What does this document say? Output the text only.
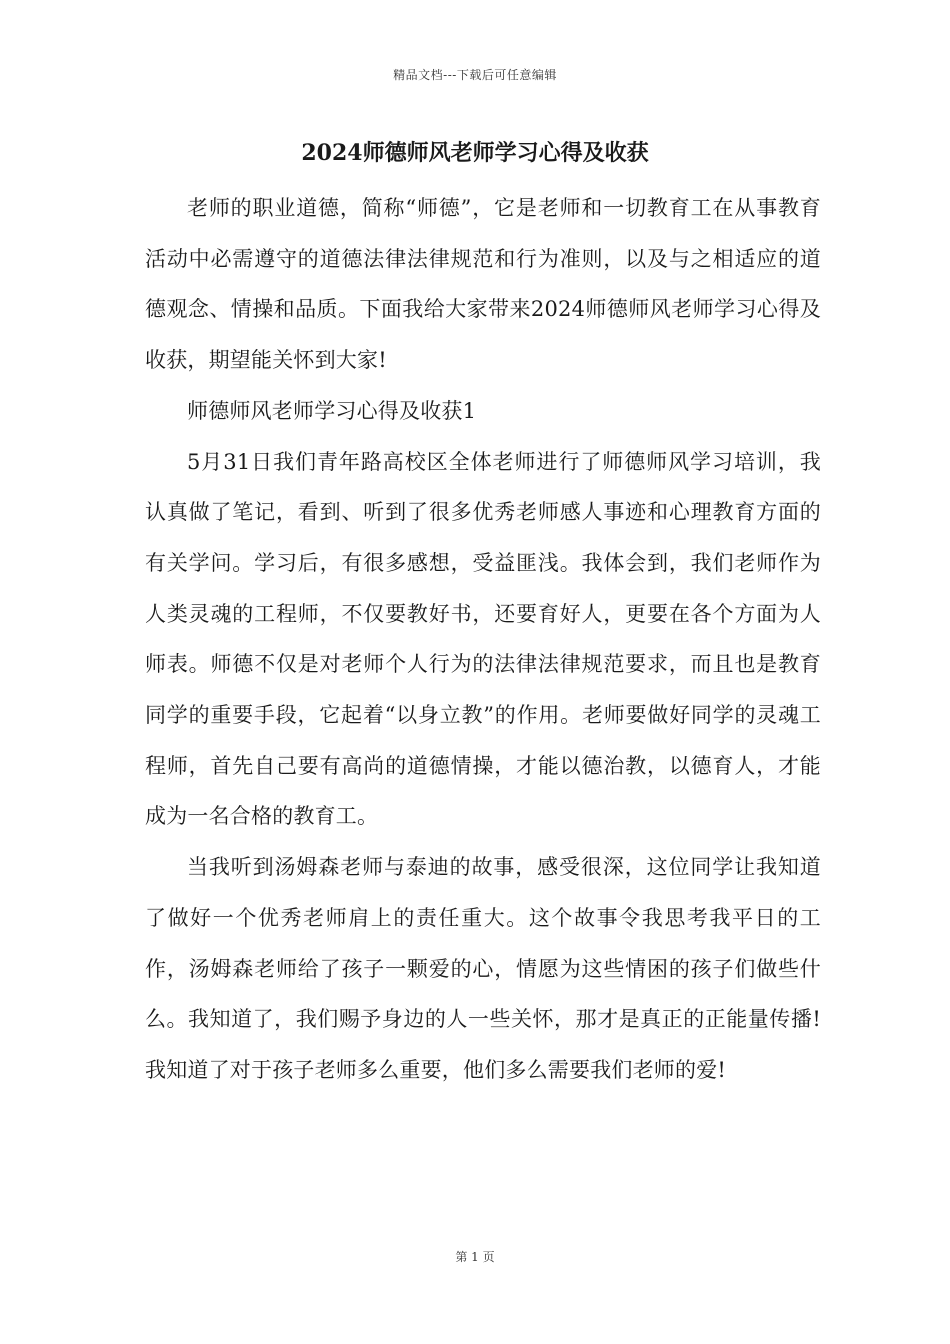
精品文档---下载后可任意编辑
2024师德师风老师学习心得及收获

老师的职业道德，简称“师德”，它是老师和一切教育工在从事教育活动中必需遵守的道德法律法律规范和行为准则，以及与之相适应的道德观念、情操和品质。下面我给大家带来2024师德师风老师学习心得及收获，期望能关怀到大家!

师德师风老师学习心得及收获1

5月31日我们青年路高校区全体老师进行了师德师风学习培训，我认真做了笔记，看到、听到了很多优秀老师感人事迹和心理教育方面的有关学问。学习后，有很多感想，受益匪浅。我体会到，我们老师作为人类灵魂的工程师，不仅要教好书，还要育好人，更要在各个方面为人师表。师德不仅是对老师个人行为的法律法律规范要求，而且也是教育同学的重要手段，它起着“以身立教”的作用。老师要做好同学的灵魂工程师，首先自己要有高尚的道德情操，才能以德治教，以德育人，才能成为一名合格的教育工。

当我听到汤姆森老师与泰迪的故事，感受很深，这位同学让我知道了做好一个优秀老师肩上的责任重大。这个故事令我思考我平日的工作，汤姆森老师给了孩子一颗爱的心，情愿为这些情困的孩子们做些什么。我知道了，我们赐予身边的人一些关怀，那才是真正的正能量传播!我知道了对于孩子老师多么重要，他们多么需要我们老师的爱!

第 1 页
